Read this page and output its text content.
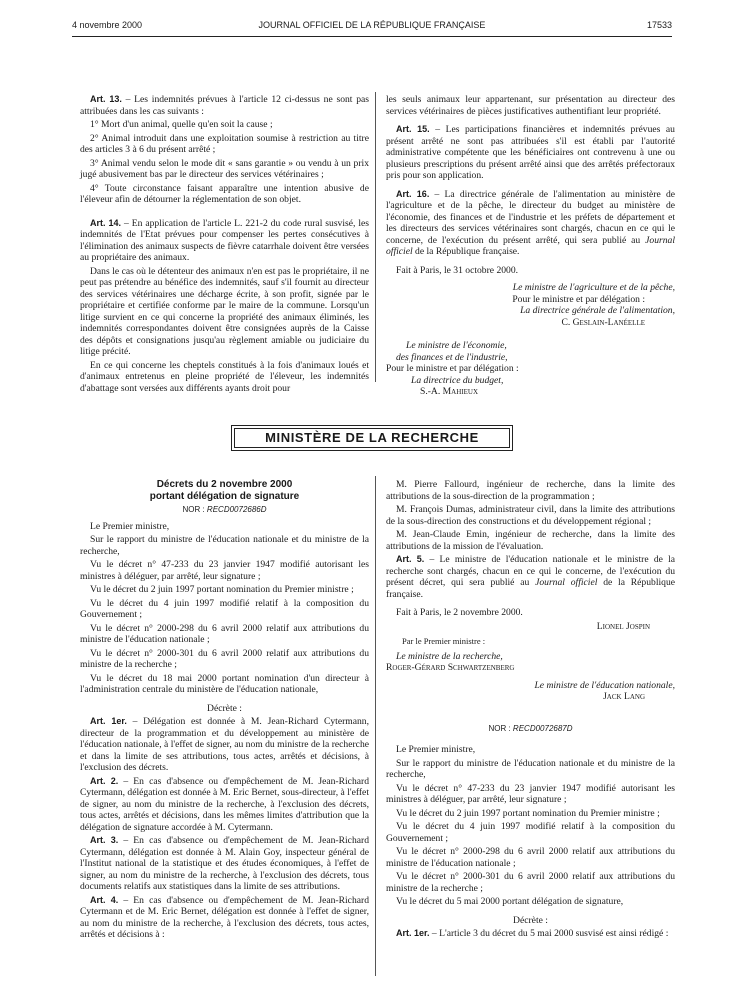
4 novembre 2000	JOURNAL OFFICIEL DE LA RÉPUBLIQUE FRANÇAISE	17533

Art. 13. – Les indemnités prévues à l'article 12 ci-dessus ne sont pas attribuées dans les cas suivants :

1° Mort d'un animal, quelle qu'en soit la cause ;

2° Animal introduit dans une exploitation soumise à restriction au titre des articles 3 à 6 du présent arrêté ;

3° Animal vendu selon le mode dit « sans garantie » ou vendu à un prix jugé abusivement bas par le directeur des services vétérinaires ;

4° Toute circonstance faisant apparaître une intention abusive de l'éleveur afin de détourner la réglementation de son objet.

Art. 14. – En application de l'article L. 221-2 du code rural susvisé, les indemnités de l'Etat prévues pour compenser les pertes consécutives à l'élimination des animaux suspects de fièvre catarrhale doivent être versées au propriétaire des animaux.

Dans le cas où le détenteur des animaux n'en est pas le propriétaire, il ne peut pas prétendre au bénéfice des indemnités, sauf s'il fournit au directeur des services vétérinaires une décharge écrite, à son profit, signée par le propriétaire et certifiée conforme par le maire de la commune. Lorsqu'un litige survient en ce qui concerne la propriété des animaux éliminés, les indemnités correspondantes doivent être consignées auprès de la Caisse des dépôts et consignations jusqu'au règlement amiable ou judiciaire du litige précité.

En ce qui concerne les cheptels constitués à la fois d'animaux loués et d'animaux entretenus en pleine propriété de l'éleveur, les indemnités d'abattage sont versées aux différents ayants droit pour

les seuls animaux leur appartenant, sur présentation au directeur des services vétérinaires de pièces justificatives authentifiant leur propriété.

Art. 15. – Les participations financières et indemnités prévues au présent arrêté ne sont pas attribuées s'il est établi par l'autorité administrative compétente que les bénéficiaires ont contrevenu à une ou plusieurs prescriptions du présent arrêté ainsi que des arrêtés préfectoraux pris pour son application.

Art. 16. – La directrice générale de l'alimentation au ministère de l'agriculture et de la pêche, le directeur du budget au ministère de l'économie, des finances et de l'industrie et les préfets de département et les directeurs des services vétérinaires sont chargés, chacun en ce qui le concerne, de l'exécution du présent arrêté, qui sera publié au Journal officiel de la République française.

Fait à Paris, le 31 octobre 2000.

Le ministre de l'agriculture et de la pêche,

Pour le ministre et par délégation :

La directrice générale de l'alimentation,

C. Geslain-Lanéelle

Le ministre de l'économie,

des finances et de l'industrie,

Pour le ministre et par délégation :

La directrice du budget,

S.-A. Mahieux

MINISTÈRE DE LA RECHERCHE
Décrets du 2 novembre 2000
portant délégation de signature
NOR : RECD0072686D

Le Premier ministre,

Sur le rapport du ministre de l'éducation nationale et du ministre de la recherche,

Vu le décret n° 47-233 du 23 janvier 1947 modifié autorisant les ministres à déléguer, par arrêté, leur signature ;

Vu le décret du 2 juin 1997 portant nomination du Premier ministre ;

Vu le décret du 4 juin 1997 modifié relatif à la composition du Gouvernement ;

Vu le décret n° 2000-298 du 6 avril 2000 relatif aux attributions du ministre de l'éducation nationale ;

Vu le décret n° 2000-301 du 6 avril 2000 relatif aux attributions du ministre de la recherche ;

Vu le décret du 18 mai 2000 portant nomination d'un directeur à l'administration centrale du ministère de l'éducation nationale,

Décrète :

Art. 1er. – Délégation est donnée à M. Jean-Richard Cytermann, directeur de la programmation et du développement au ministère de l'éducation nationale, à l'effet de signer, au nom du ministre de la recherche et dans la limite de ses attributions, tous actes, arrêtés et décisions, à l'exclusion des décrets.

Art. 2. – En cas d'absence ou d'empêchement de M. Jean-Richard Cytermann, délégation est donnée à M. Eric Bernet, sous-directeur, à l'effet de signer, au nom du ministre de la recherche, à l'exclusion des décrets, tous actes, arrêtés et décisions, dans les mêmes limites d'attribution que la délégation de signature accordée à M. Cytermann.

Art. 3. – En cas d'absence ou d'empêchement de M. Jean-Richard Cytermann, délégation est donnée à M. Alain Goy, inspecteur général de l'Institut national de la statistique et des études économiques, à l'effet de signer, au nom du ministre de la recherche, à l'exclusion des décrets, tous documents relatifs aux statistiques dans la limite de ses attributions.

Art. 4. – En cas d'absence ou d'empêchement de M. Jean-Richard Cytermann et de M. Eric Bernet, délégation est donnée à l'effet de signer, au nom du ministre de la recherche, à l'exclusion des décrets, tous actes, arrêtés et décisions à :

M. Pierre Fallourd, ingénieur de recherche, dans la limite des attributions de la sous-direction de la programmation ;

M. François Dumas, administrateur civil, dans la limite des attributions de la sous-direction des constructions et du développement régional ;

M. Jean-Claude Emin, ingénieur de recherche, dans la limite des attributions de la mission de l'évaluation.

Art. 5. – Le ministre de l'éducation nationale et le ministre de la recherche sont chargés, chacun en ce qui le concerne, de l'exécution du présent décret, qui sera publié au Journal officiel de la République française.

Fait à Paris, le 2 novembre 2000.

Lionel Jospin

Par le Premier ministre :

Le ministre de la recherche,

Roger-Gérard Schwartzenberg

Le ministre de l'éducation nationale,

Jack Lang

NOR : RECD0072687D

Le Premier ministre,

Sur le rapport du ministre de l'éducation nationale et du ministre de la recherche,

Vu le décret n° 47-233 du 23 janvier 1947 modifié autorisant les ministres à déléguer, par arrêté, leur signature ;

Vu le décret du 2 juin 1997 portant nomination du Premier ministre ;

Vu le décret du 4 juin 1997 modifié relatif à la composition du Gouvernement ;

Vu le décret n° 2000-298 du 6 avril 2000 relatif aux attributions du ministre de l'éducation nationale ;

Vu le décret n° 2000-301 du 6 avril 2000 relatif aux attributions du ministre de la recherche ;

Vu le décret du 5 mai 2000 portant délégation de signature,

Décrète :

Art. 1er. – L'article 3 du décret du 5 mai 2000 susvisé est ainsi rédigé :
